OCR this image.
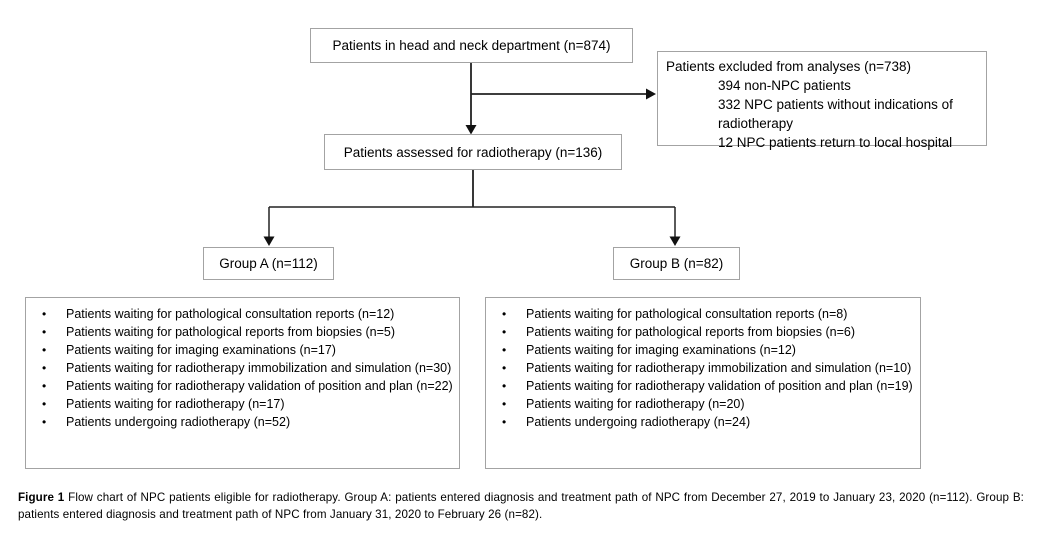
Patients in head and neck department (n=874)
Patients excluded from analyses (n=738)
394 non-NPC patients
332 NPC patients without indications of radiotherapy
12 NPC patients return to local hospital
Patients assessed for radiotherapy (n=136)
Group A (n=112)	Group B (n=82)
•	Patients waiting for pathological consultation reports (n=12)
•	Patients waiting for pathological reports from biopsies (n=5)
•	Patients waiting for imaging examinations (n=17)
•	Patients waiting for radiotherapy immobilization and simulation (n=30)
•	Patients waiting for radiotherapy validation of position and plan (n=22)
•	Patients waiting for radiotherapy (n=17)
•	Patients undergoing radiotherapy (n=52)
•	Patients waiting for pathological consultation reports (n=8)
•	Patients waiting for pathological reports from biopsies (n=6)
•	Patients waiting for imaging examinations (n=12)
•	Patients waiting for radiotherapy immobilization and simulation (n=10)
•	Patients waiting for radiotherapy validation of position and plan (n=19)
•	Patients waiting for radiotherapy (n=20)
•	Patients undergoing radiotherapy (n=24)
Figure 1 Flow chart of NPC patients eligible for radiotherapy. Group A: patients entered diagnosis and treatment path of NPC from December 27, 2019 to January 23, 2020 (n=112). Group B: patients entered diagnosis and treatment path of NPC from January 31, 2020 to February 26 (n=82).
